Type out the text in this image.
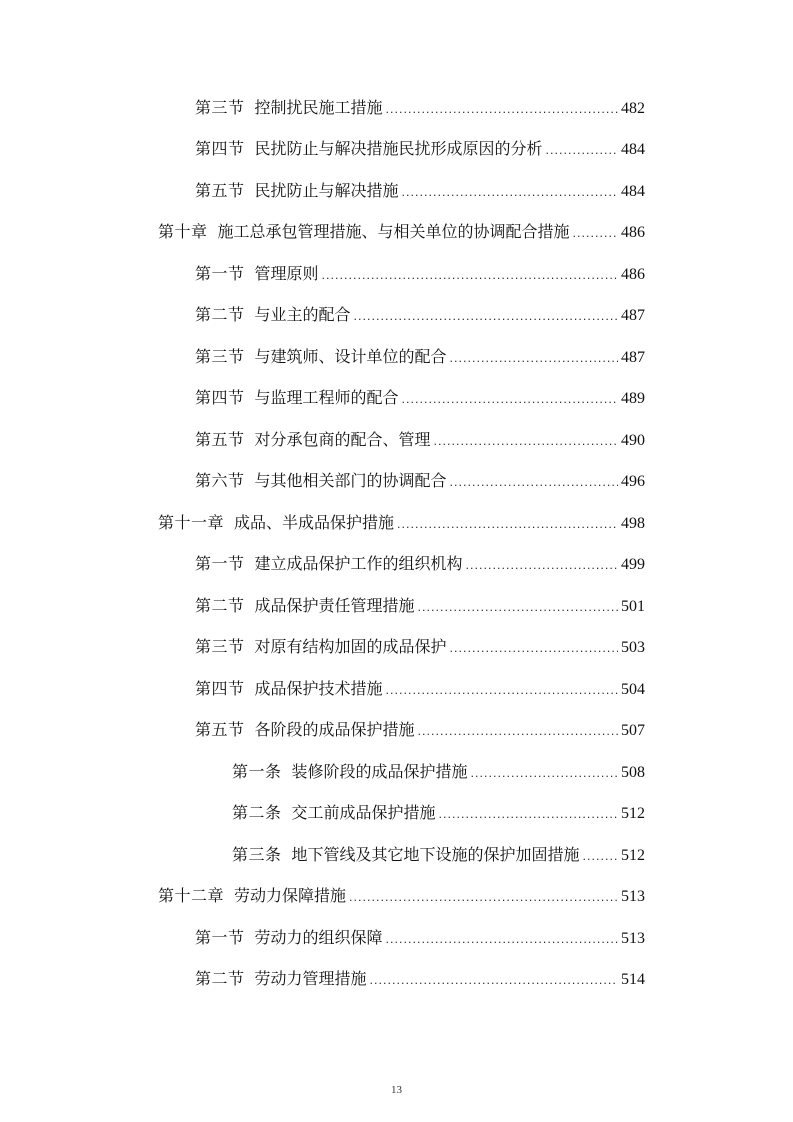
第三节 控制扰民施工措施 .....	482
第四节 民扰防止与解决措施民扰形成原因的分析 .....	484
第五节 民扰防止与解决措施 .....	484
第十章 施工总承包管理措施、与相关单位的协调配合措施 .....	486
第一节 管理原则 .....	486
第二节 与业主的配合 .....	487
第三节 与建筑师、设计单位的配合 .....	487
第四节 与监理工程师的配合 .....	489
第五节 对分承包商的配合、管理 .....	490
第六节 与其他相关部门的协调配合 .....	496
第十一章 成品、半成品保护措施 .....	498
第一节 建立成品保护工作的组织机构 .....	499
第二节 成品保护责任管理措施 .....	501
第三节 对原有结构加固的成品保护 .....	503
第四节 成品保护技术措施 .....	504
第五节 各阶段的成品保护措施 .....	507
第一条 装修阶段的成品保护措施 .....	508
第二条 交工前成品保护措施 .....	512
第三条 地下管线及其它地下设施的保护加固措施 .....	512
第十二章 劳动力保障措施 .....	513
第一节 劳动力的组织保障 .....	513
第二节 劳动力管理措施 .....	514
13
